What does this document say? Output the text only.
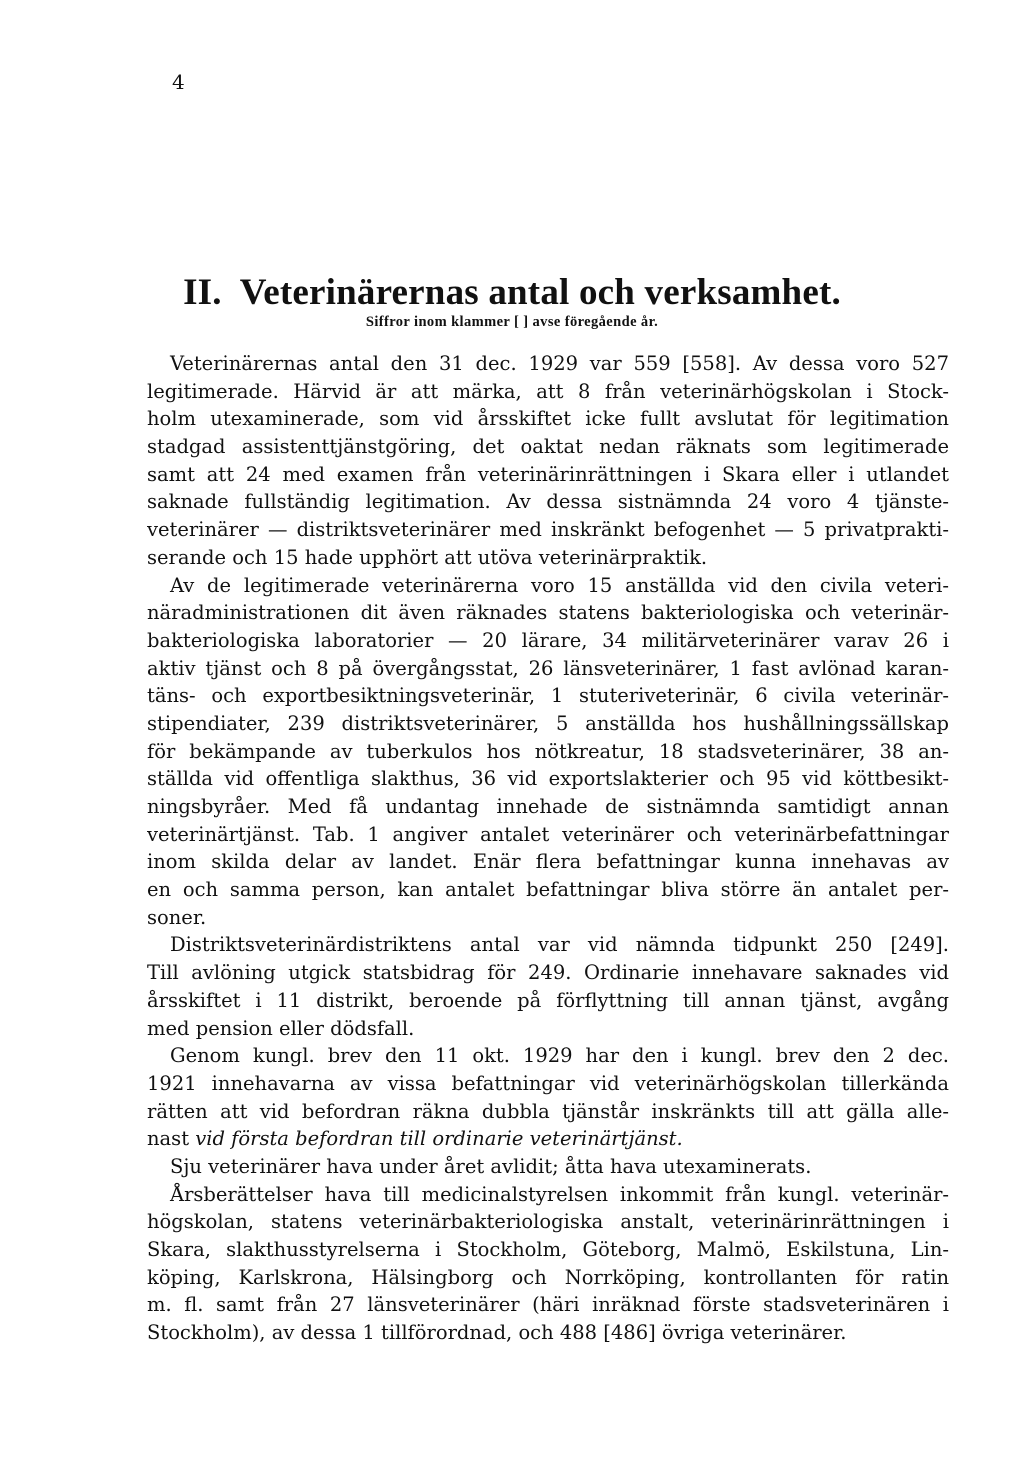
4
II. Veterinärernas antal och verksamhet.
Siffror inom klammer [ ] avse föregående år.
Veterinärernas antal den 31 dec. 1929 var 559 [558]. Av dessa voro 527
legitimerade. Härvid är att märka, att 8 från veterinärhögskolan i Stock-
holm utexaminerade, som vid årsskiftet icke fullt avslutat för legitimation
stadgad assistenttjänstgöring, det oaktat nedan räknats som legitimerade
samt att 24 med examen från veterinärinrättningen i Skara eller i utlandet
saknade fullständig legitimation. Av dessa sistnämnda 24 voro 4 tjänste-
veterinärer — distriktsveterinärer med inskränkt befogenhet — 5 privatprakti-
serande och 15 hade upphört att utöva veterinärpraktik.
Av de legitimerade veterinärerna voro 15 anställda vid den civila veteri-
näradministrationen dit även räknades statens bakteriologiska och veterinär-
bakteriologiska laboratorier — 20 lärare, 34 militärveterinärer varav 26 i
aktiv tjänst och 8 på övergångsstat, 26 länsveterinärer, 1 fast avlönad karan-
täns- och exportbesiktningsveterinär, 1 stuteriveterinär, 6 civila veterinär-
stipendiater, 239 distriktsveterinärer, 5 anställda hos hushållningssällskap
för bekämpande av tuberkulos hos nötkreatur, 18 stadsveterinärer, 38 an-
ställda vid offentliga slakthus, 36 vid exportslakterier och 95 vid köttbesikt-
ningsbyråer. Med få undantag innehade de sistnämnda samtidigt annan
veterinärtjänst. Tab. 1 angiver antalet veterinärer och veterinärbefattningar
inom skilda delar av landet. Enär flera befattningar kunna innehavas av
en och samma person, kan antalet befattningar bliva större än antalet per-
soner.
Distriktsveterinärdistriktens antal var vid nämnda tidpunkt 250 [249].
Till avlöning utgick statsbidrag för 249. Ordinarie innehavare saknades vid
årsskiftet i 11 distrikt, beroende på förflyttning till annan tjänst, avgång
med pension eller dödsfall.
Genom kungl. brev den 11 okt. 1929 har den i kungl. brev den 2 dec.
1921 innehavarna av vissa befattningar vid veterinärhögskolan tillerkända
rätten att vid befordran räkna dubbla tjänstår inskränkts till att gälla alle-
nast vid första befordran till ordinarie veterinärtjänst.
Sju veterinärer hava under året avlidit; åtta hava utexaminerats.
Årsberättelser hava till medicinalstyrelsen inkommit från kungl. veterinär-
högskolan, statens veterinärbakteriologiska anstalt, veterinärinrättningen i
Skara, slakthusstyrelserna i Stockholm, Göteborg, Malmö, Eskilstuna, Lin-
köping, Karlskrona, Hälsingborg och Norrköping, kontrollanten för ratin
m. fl. samt från 27 länsveterinärer (häri inräknad förste stadsveterinären i
Stockholm), av dessa 1 tillförordnad, och 488 [486] övriga veterinärer.
